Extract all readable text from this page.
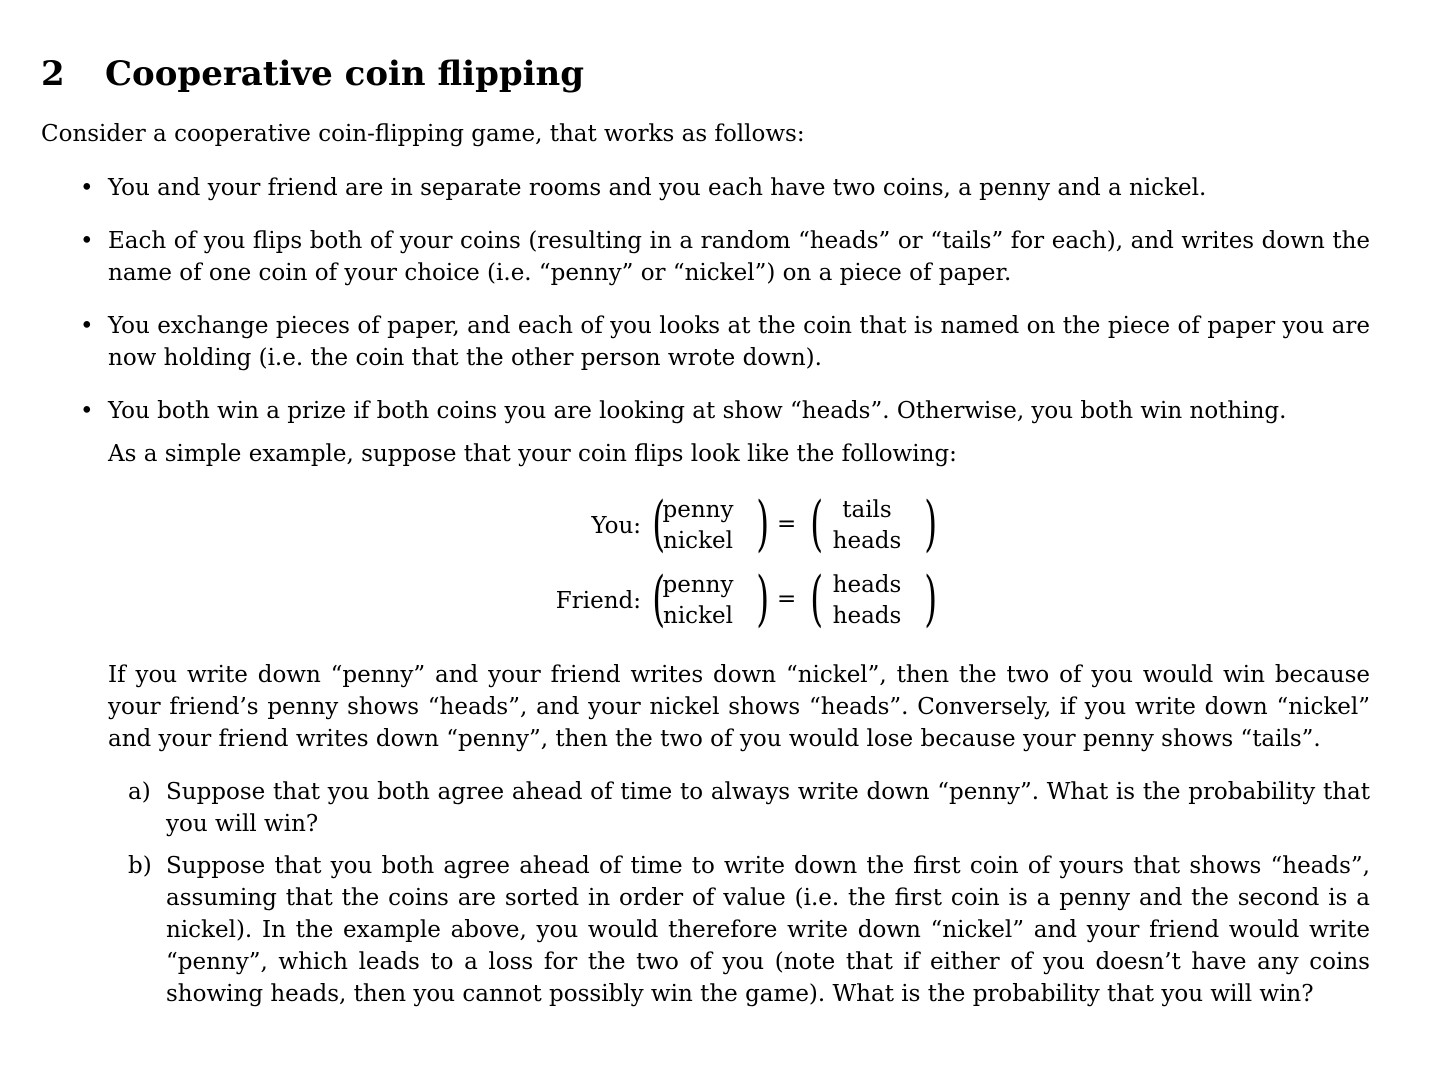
2 Cooperative coin flipping
Consider a cooperative coin-flipping game, that works as follows:
• You and your friend are in separate rooms and you each have two coins, a penny and a nickel.
• Each of you flips both of your coins (resulting in a random “heads” or “tails” for each), and writes down the name of one coin of your choice (i.e. “penny” or “nickel”) on a piece of paper.
• You exchange pieces of paper, and each of you looks at the coin that is named on the piece of paper you are now holding (i.e. the coin that the other person wrote down).
• You both win a prize if both coins you are looking at show “heads”. Otherwise, you both win nothing.
As a simple example, suppose that your coin flips look like the following:
You: (
penny
nickel ) = ( tails
heads )
Friend: (
penny
nickel ) = ( heads
heads )
If you write down “penny” and your friend writes down “nickel”, then the two of you would win because your friend’s penny shows “heads”, and your nickel shows “heads”. Conversely, if you write down “nickel” and your friend writes down “penny”, then the two of you would lose because your penny shows “tails”.
a) Suppose that you both agree ahead of time to always write down “penny”. What is the probability that you will win?
b) Suppose that you both agree ahead of time to write down the first coin of yours that shows “heads”, assuming that the coins are sorted in order of value (i.e. the first coin is a penny and the second is a nickel). In the example above, you would therefore write down “nickel” and your friend would write “penny”, which leads to a loss for the two of you (note that if either of you doesn’t have any coins showing heads, then you cannot possibly win the game). What is the probability that you will win?
